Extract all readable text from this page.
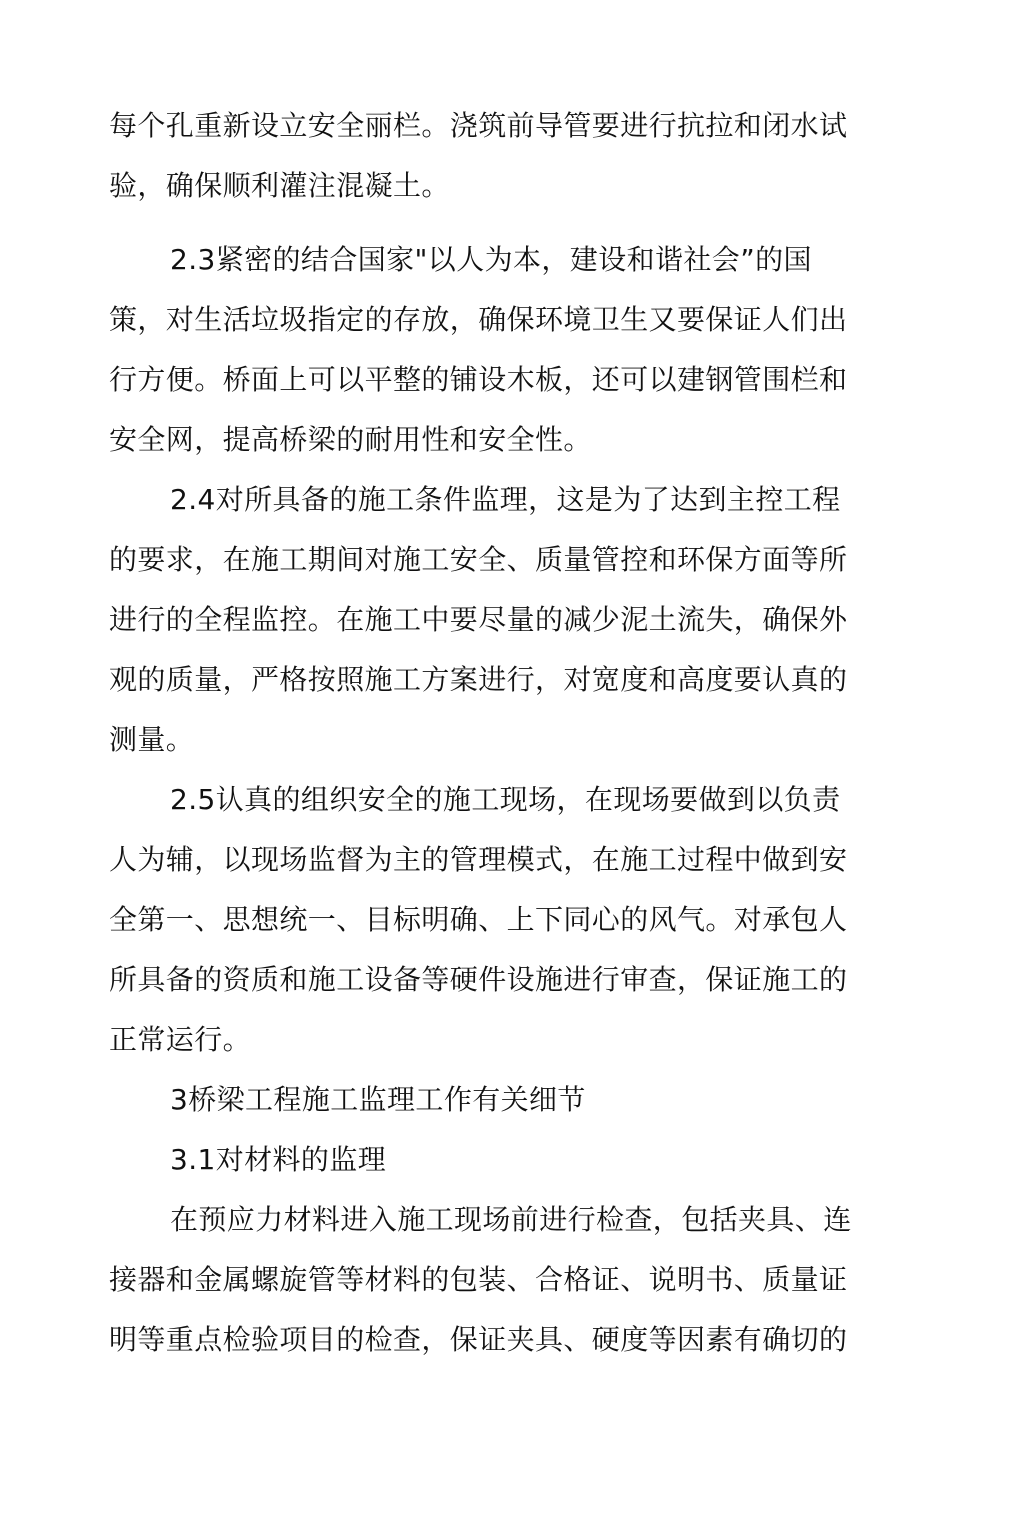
每个孔重新设立安全丽栏。浇筑前导管要进行抗拉和闭水试
验，确保顺利灌注混凝土。
2.3紧密的结合国家"以人为本，建设和谐社会”的国
策，对生活垃圾指定的存放，确保环境卫生又要保证人们出
行方便。桥面上可以平整的铺设木板，还可以建钢管围栏和
安全网，提高桥梁的耐用性和安全性。
2.4对所具备的施工条件监理，这是为了达到主控工程
的要求，在施工期间对施工安全、质量管控和环保方面等所
进行的全程监控。在施工中要尽量的减少泥土流失，确保外
观的质量，严格按照施工方案进行，对宽度和高度要认真的
测量。
2.5认真的组织安全的施工现场，在现场要做到以负责
人为辅，以现场监督为主的管理模式，在施工过程中做到安
全第一、思想统一、目标明确、上下同心的风气。对承包人
所具备的资质和施工设备等硬件设施进行审查，保证施工的
正常运行。
3桥梁工程施工监理工作有关细节
3.1对材料的监理
在预应力材料进入施工现场前进行检查，包括夹具、连
接器和金属螺旋管等材料的包装、合格证、说明书、质量证
明等重点检验项目的检查，保证夹具、硬度等因素有确切的
